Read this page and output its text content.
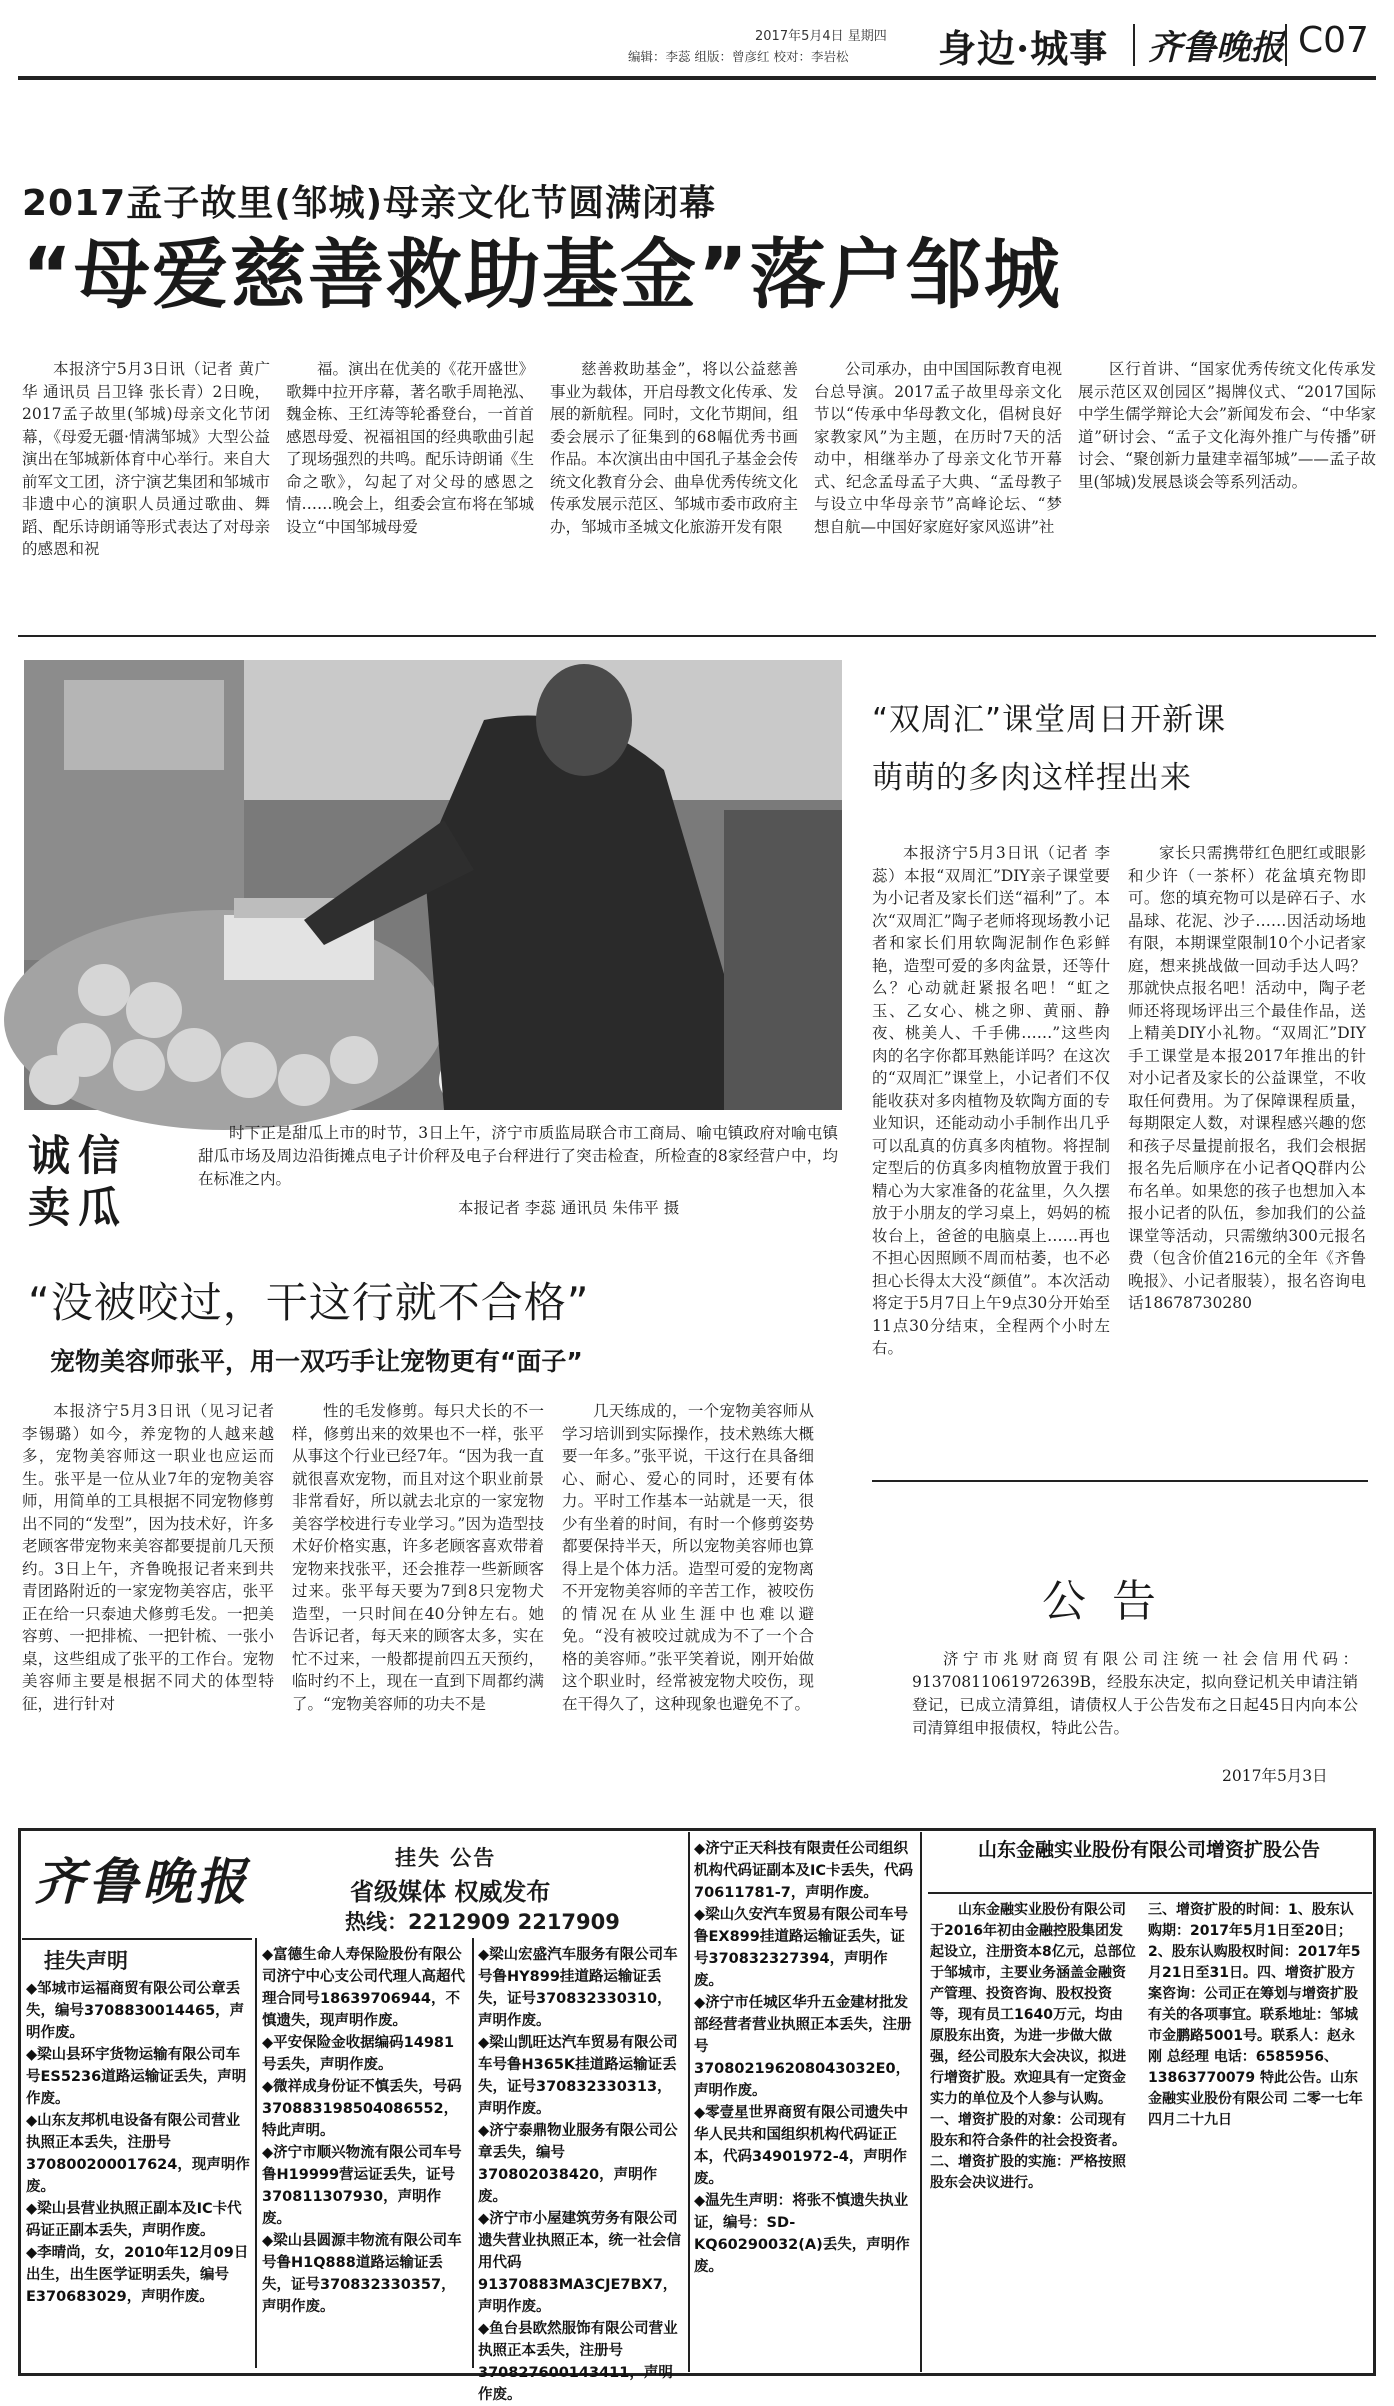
2017年5月4日 星期四
编辑：李蕊 组版：曾彦红 校对：李岩松 身边·城事 齐鲁晚报 C07
2017孟子故里(邹城)母亲文化节圆满闭幕
“母爱慈善救助基金”落户邹城

本报济宁5月3日讯（记者 黄广华 通讯员 吕卫锋 张长青）2日晚，2017孟子故里(邹城)母亲文化节闭幕，《母爱无疆·情满邹城》大型公益演出在邹城新体育中心举行。来自大前军文工团，济宁演艺集团和邹城市非遗中心的演职人员通过歌曲、舞蹈、配乐诗朗诵等形式表达了对母亲的感恩和祝

福。演出在优美的《花开盛世》歌舞中拉开序幕，著名歌手周艳泓、魏金栋、王红涛等轮番登台，一首首感恩母爱、祝福祖国的经典歌曲引起了现场强烈的共鸣。配乐诗朗诵《生命之歌》，勾起了对父母的感恩之情……晚会上，组委会宣布将在邹城设立“中国邹城母爱

慈善救助基金”，将以公益慈善事业为载体，开启母教文化传承、发展的新航程。同时，文化节期间，组委会展示了征集到的68幅优秀书画作品。本次演出由中国孔子基金会传统文化教育分会、曲阜优秀传统文化传承发展示范区、邹城市委市政府主办，邹城市圣城文化旅游开发有限

公司承办，由中国国际教育电视台总导演。2017孟子故里母亲文化节以“传承中华母教文化，倡树良好家教家风”为主题，在历时7天的活动中，相继举办了母亲文化节开幕式、纪念孟母孟子大典、“孟母教子与设立中华母亲节”高峰论坛、“梦想自航—中国好家庭好家风巡讲”社

区行首讲、“国家优秀传统文化传承发展示范区双创园区”揭牌仪式、“2017国际中学生儒学辩论大会”新闻发布会、“中华家道”研讨会、“孟子文化海外推广与传播”研讨会、“聚创新力量建幸福邹城”——孟子故里(邹城)发展恳谈会等系列活动。

诚信卖瓜
时下正是甜瓜上市的时节，3日上午，济宁市质监局联合市工商局、喻屯镇政府对喻屯镇甜瓜市场及周边沿街摊点电子计价秤及电子台秤进行了突击检查，所检查的8家经营户中，均在标准之内。
本报记者 李蕊 通讯员 朱伟平 摄
“双周汇”课堂周日开新课
萌萌的多肉这样捏出来

本报济宁5月3日讯（记者 李蕊）本报“双周汇”DIY亲子课堂要为小记者及家长们送“福利”了。本次“双周汇”陶子老师将现场教小记者和家长们用软陶泥制作色彩鲜艳，造型可爱的多肉盆景，还等什么？心动就赶紧报名吧！“虹之玉、乙女心、桃之卵、黄丽、静夜、桃美人、千手佛……”这些肉肉的名字你都耳熟能详吗？在这次的“双周汇”课堂上，小记者们不仅能收获对多肉植物及软陶方面的专业知识，还能动动小手制作出几乎可以乱真的仿真多肉植物。将捏制定型后的仿真多肉植物放置于我们精心为大家准备的花盆里，久久摆放于小朋友的学习桌上，妈妈的梳妆台上，爸爸的电脑桌上……再也不担心因照顾不周而枯萎，也不必担心长得太大没“颜值”。本次活动将定于5月7日上午9点30分开始至11点30分结束，全程两个小时左右。

家长只需携带红色肥红或眼影和少许（一茶杯）花盆填充物即可。您的填充物可以是碎石子、水晶球、花泥、沙子……因活动场地有限，本期课堂限制10个小记者家庭，想来挑战做一回动手达人吗？那就快点报名吧！活动中，陶子老师还将现场评出三个最佳作品，送上精美DIY小礼物。“双周汇”DIY手工课堂是本报2017年推出的针对小记者及家长的公益课堂，不收取任何费用。为了保障课程质量，每期限定人数，对课程感兴趣的您和孩子尽量提前报名，我们会根据报名先后顺序在小记者QQ群内公布名单。如果您的孩子也想加入本报小记者的队伍，参加我们的公益课堂等活动，只需缴纳300元报名费（包含价值216元的全年《齐鲁晚报》、小记者服装），报名咨询电话18678730280

“没被咬过，干这行就不合格”
宠物美容师张平，用一双巧手让宠物更有“面子”

本报济宁5月3日讯（见习记者 李锡璐）如今，养宠物的人越来越多，宠物美容师这一职业也应运而生。张平是一位从业7年的宠物美容师，用简单的工具根据不同宠物修剪出不同的“发型”，因为技术好，许多老顾客带宠物来美容都要提前几天预约。3日上午，齐鲁晚报记者来到共青团路附近的一家宠物美容店，张平正在给一只泰迪犬修剪毛发。一把美容剪、一把排梳、一把针梳、一张小桌，这些组成了张平的工作台。宠物美容师主要是根据不同犬的体型特征，进行针对

性的毛发修剪。每只犬长的不一样，修剪出来的效果也不一样，张平从事这个行业已经7年。“因为我一直就很喜欢宠物，而且对这个职业前景非常看好，所以就去北京的一家宠物美容学校进行专业学习。”因为造型技术好价格实惠，许多老顾客喜欢带着宠物来找张平，还会推荐一些新顾客过来。张平每天要为7到8只宠物犬造型，一只时间在40分钟左右。她告诉记者，每天来的顾客太多，实在忙不过来，一般都提前四五天预约，临时约不上，现在一直到下周都约满了。“宠物美容师的功夫不是

几天练成的，一个宠物美容师从学习培训到实际操作，技术熟练大概要一年多。”张平说，干这行在具备细心、耐心、爱心的同时，还要有体力。平时工作基本一站就是一天，很少有坐着的时间，有时一个修剪姿势都要保持半天，所以宠物美容师也算得上是个体力活。造型可爱的宠物离不开宠物美容师的辛苦工作，被咬伤的情况在从业生涯中也难以避免。“没有被咬过就成为不了一个合格的美容师。”张平笑着说，刚开始做这个职业时，经常被宠物犬咬伤，现在干得久了，这种现象也避免不了。

公 告
济宁市兆财商贸有限公司注统一社会信用代码：91370811061972639B，经股东决定，拟向登记机关申请注销登记，已成立清算组，请债权人于公告发布之日起45日内向本公司清算组申报债权，特此公告。
2017年5月3日
齐鲁晚报	挂失 公告
省级媒体 权威发布
热线：2212909 2217909
挂失声明
◆邹城市运福商贸有限公司公章丢失，编号3708830014465，声明作废。
◆梁山县环宇货物运输有限公司车号ES5236道路运输证丢失，声明作废。
◆山东友邦机电设备有限公司营业执照正本丢失，注册号370800200017624，现声明作废。
◆梁山县营业执照正副本及IC卡代码证正副本丢失，声明作废。
◆李晴尚，女，2010年12月09日出生，出生医学证明丢失，编号E370683029，声明作废。
◆富德生命人寿保险股份有限公司济宁中心支公司代理人高超代理合同号18639706944，不慎遗失，现声明作废。
◆平安保险金收据编码14981号丢失，声明作废。
◆微祥成身份证不慎丢失，号码370883198504086552，特此声明。
◆济宁市顺兴物流有限公司车号鲁H19999营运证丢失，证号370811307930，声明作废。
◆梁山县圆源丰物流有限公司车号鲁H1Q888道路运输证丢失，证号370832330357，声明作废。
◆梁山宏盛汽车服务有限公司车号鲁HY899挂道路运输证丢失，证号370832330310，声明作废。
◆梁山凯旺达汽车贸易有限公司车号鲁H365K挂道路运输证丢失，证号370832330313，声明作废。
◆济宁泰鼎物业服务有限公司公章丢失，编号370802038420，声明作废。
◆济宁市小屋建筑劳务有限公司遗失营业执照正本，统一社会信用代码91370883MA3CJE7BX7，声明作废。
◆鱼台县欧然服饰有限公司营业执照正本丢失，注册号370827600143411，声明作废。
◆济宁正天科技有限责任公司组织机构代码证副本及IC卡丢失，代码70611781-7，声明作废。
◆梁山久安汽车贸易有限公司车号鲁EX899挂道路运输证丢失，证号370832327394，声明作废。
◆济宁市任城区华升五金建材批发部经营者营业执照正本丢失，注册号370802196208043032E0，声明作废。
◆零壹星世界商贸有限公司遗失中华人民共和国组织机构代码证正本，代码34901972-4，声明作废。
◆温先生声明：将张不慎遗失执业证，编号：SD-KQ60290032(A)丢失，声明作废。
山东金融实业股份有限公司增资扩股公告
山东金融实业股份有限公司于2016年初由金融控股集团发起设立，注册资本8亿元，总部位于邹城市，主要业务涵盖金融资产管理、投资咨询、股权投资等，现有员工1640万元，均由原股东出资，为进一步做大做强，经公司股东大会决议，拟进行增资扩股。欢迎具有一定资金实力的单位及个人参与认购。一、增资扩股的对象：公司现有股东和符合条件的社会投资者。二、增资扩股的实施：严格按照股东会决议进行。
三、增资扩股的时间：1、股东认购期：2017年5月1日至20日；2、股东认购股权时间：2017年5月21日至31日。四、增资扩股方案咨询：公司正在筹划与增资扩股有关的各项事宜。联系地址：邹城市金鹏路5001号。联系人：赵永刚 总经理 电话：6585956、13863770079 特此公告。山东金融实业股份有限公司 二零一七年四月二十九日
